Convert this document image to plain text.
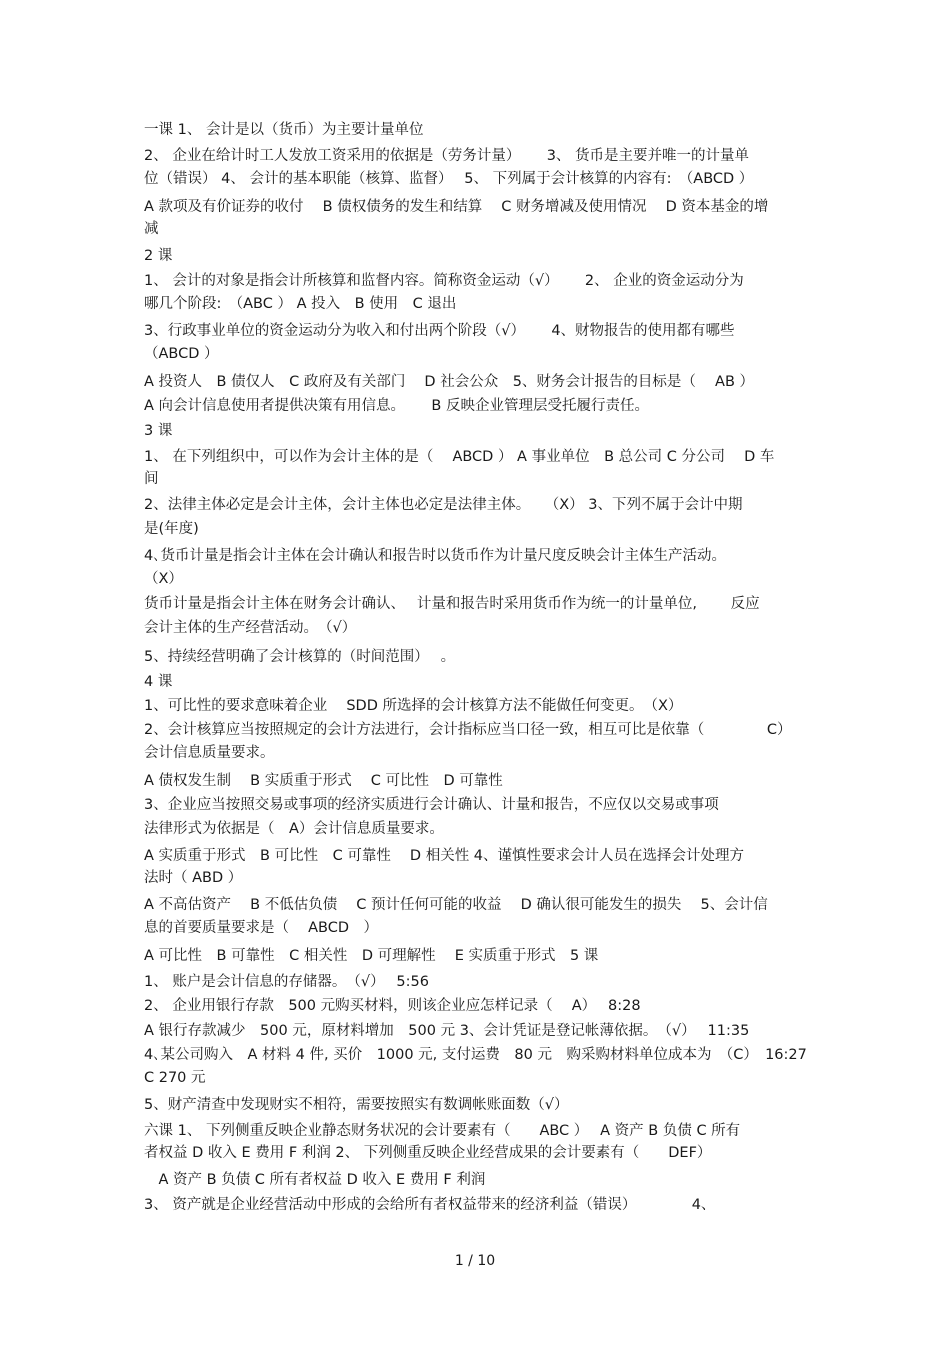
一课 1、 会计是以（货币）为主要计量单位
2、 企业在给计时工人发放工资采用的依据是（劳务计量）　　 3、 货币是主要并唯一的计量单
位（错误） 4、 会计的基本职能（核算、监督）　 5、 下列属于会计核算的内容有:　（ABCD ）
A 款项及有价证券的收付　 B 债权债务的发生和结算　 C 财务增减及使用情况　 D 资本基金的增
减
2 课
1、 会计的对象是指会计所核算和监督内容。简称资金运动（√）　　 2、 企业的资金运动分为
哪几个阶段:　（ABC ） A 投入　B 使用　C 退出
3、行政事业单位的资金运动分为收入和付出两个阶段（√）　　 4、财物报告的使用都有哪些
（ABCD ）
A 投资人　B 债仅人　C 政府及有关部门　 D 社会公众　5、财务会计报告的目标是（　 AB ）
A 向会计信息使用者提供决策有用信息。　　 B 反映企业管理层受托履行责任。
3 课
1、 在下列组织中，可以作为会计主体的是（　 ABCD ） A 事业单位　B 总公司 C 分公司　 D 车
间
2、法律主体必定是会计主体，会计主体也必定是法律主体。　　（X） 3、下列不属于会计中期
是(年度)
4､货币计量是指会计主体在会计确认和报告时以货币作为计量尺度反映会计主体生产活动。
（X）
货币计量是指会计主体在财务会计确认、　 计量和报告时采用货币作为统一的计量单位,　　 反应
会计主体的生产经营活动。　（√）
5、持续经营明确了会计核算的（时间范围）　 。
4 课
1、可比性的要求意味着企业　 SDD 所选择的会计核算方法不能做任何变更。　（X）
2、会计核算应当按照规定的会计方法进行，会计指标应当口径一致，相互可比是依靠（　　　　 C）
会计信息质量要求。
A 债权发生制　 B 实质重于形式　 C 可比性　D 可靠性
3、企业应当按照交易或事项的经济实质进行会计确认、计量和报告，不应仅以交易或事项
法律形式为依据是（　A）会计信息质量要求。
A 实质重于形式　B 可比性　C 可靠性　 D 相关性 4、谨慎性要求会计人员在选择会计处理方
法时（ ABD ）
A 不高估资产　 B 不低估负债　 C 预计任何可能的收益　 D 确认很可能发生的损失　 5、会计信
息的首要质量要求是（　 ABCD　）
A 可比性　B 可靠性　C 相关性　D 可理解性　 E 实质重于形式　5 课
1、 账户是会计信息的存储器。　（√）　 5:56
2、 企业用银行存款　500 元购买材料，则该企业应怎样记录（　 A）　 8:28
A 银行存款减少　500 元，原材料增加　500 元 3、会计凭证是登记帐薄依据。　（√）　 11:35
4､某公司购入　A 材料 4 件, 买价　1000 元, 支付运费　80 元　购采购材料单位成本为　（C）　16:27
C 270 元
5、财产清查中发现财实不相符，需要按照实有数调帐账面数（√）
六课 1、 下列侧重反映企业静态财务状况的会计要素有（　　ABC ）　 A 资产 B 负债 C 所有
者权益 D 收入 E 费用 F 利润 2、 下列侧重反映企业经营成果的会计要素有（　　DEF）
　A 资产 B 负债 C 所有者权益 D 收入 E 费用 F 利润
3、 资产就是企业经营活动中形成的会给所有者权益带来的经济利益（错误）　　　　 4、
1 / 10
